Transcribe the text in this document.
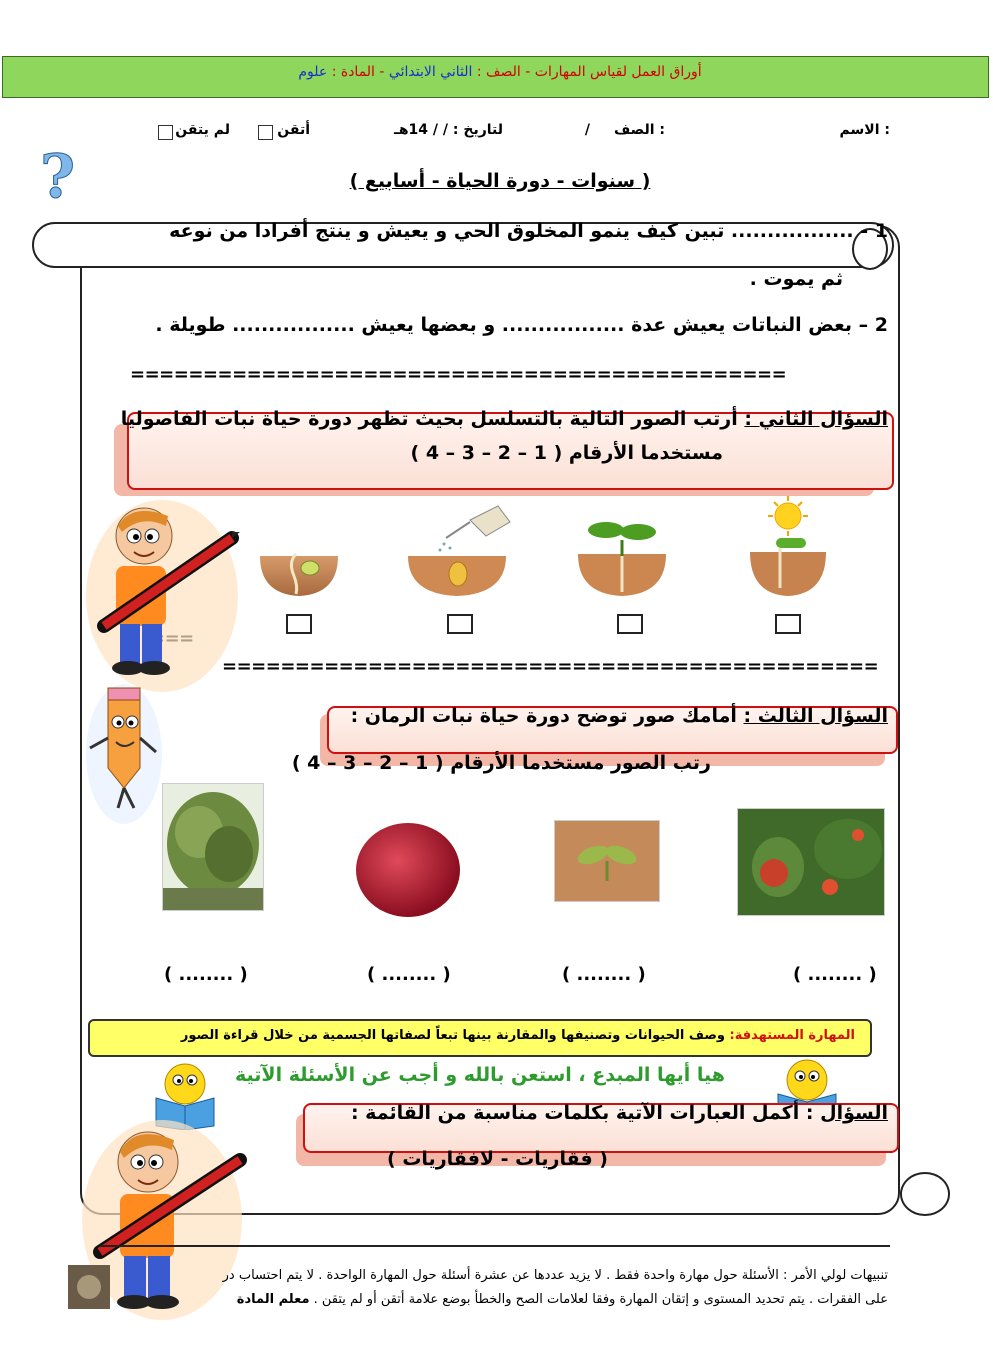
أوراق العمل لقياس المهارات - الصف : الثاني الابتدائي - المادة : علوم
الاسم :
الصف :
/
لتاريخ : / / 14هـ
أتقن
لم يتقن
?	( سنوات - دورة الحياة - أسابيع )
1 - ................. تبين كيف ينمو المخلوق الحي و يعيش و ينتج أفرادا من نوعه
ثم يموت .
2 – بعض النباتات يعيش عدة ................. و بعضها يعيش ................. طويلة .
=============================================
السؤال الثاني : أرتب الصور التالية بالتسلسل بحيث تظهر دورة حياة نبات الفاصوليا
مستخدما الأرقام ( 1 – 2 – 3 – 4 )
=============================================
السؤال الثالث : أمامك صور توضح دورة حياة نبات الرمان :
رتب الصور مستخدما الأرقام ( 1 – 2 – 3 – 4 )
( ........ )	( ........ )	( ........ )	( ........ )
المهارة المستهدفة: وصف الحيوانات وتصنيفها والمقارنة بينها تبعاً لصفاتها الجسمية من خلال قراءة الصور
هيا أيها المبدع ، استعن بالله و أجب عن الأسئلة الآتية
السؤال : أكمل العبارات الآتية بكلمات مناسبة من القائمة :
( فقاريات - لافقاريات )
تنبيهات لولي الأمر : الأسئلة حول مهارة واحدة فقط . لا يزيد عددها عن عشرة أسئلة حول المهارة الواحدة . لا يتم احتساب در
على الفقرات . يتم تحديد المستوى و إتقان المهارة وفقا لعلامات الصح والخطأ بوضع علامة أتقن أو لم يتقن . معلم المادة
